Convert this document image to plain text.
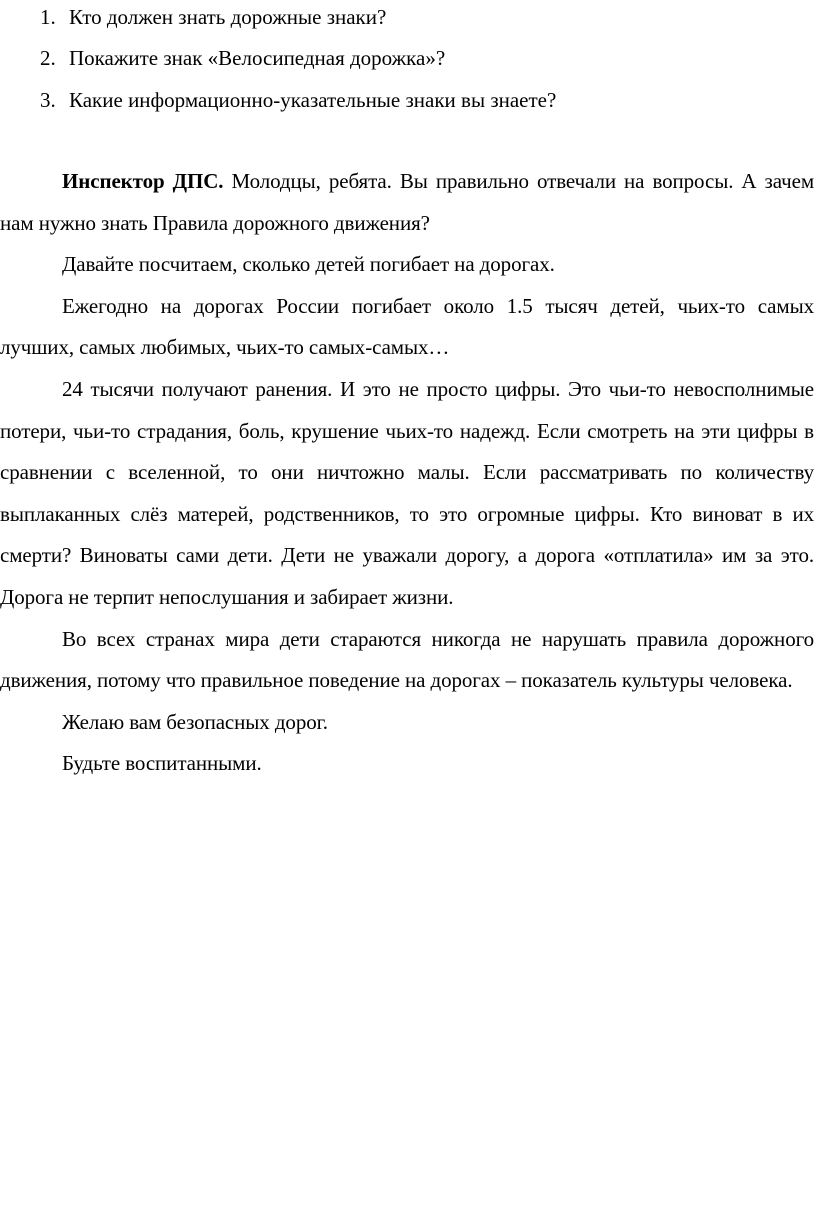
1. Кто должен знать дорожные знаки?
2. Покажите знак «Велосипедная дорожка»?
3. Какие информационно-указательные знаки вы знаете?

Инспектор ДПС. Молодцы, ребята. Вы правильно отвечали на вопросы. А зачем нам нужно знать Правила дорожного движения?

Давайте посчитаем, сколько детей погибает на дорогах.

Ежегодно на дорогах России погибает около 1.5 тысяч детей, чьих-то самых лучших, самых любимых, чьих-то самых-самых…

24 тысячи получают ранения. И это не просто цифры. Это чьи-то невосполнимые потери, чьи-то страдания, боль, крушение чьих-то надежд. Если смотреть на эти цифры в сравнении с вселенной, то они ничтожно малы. Если рассматривать по количеству выплаканных слёз матерей, родственников, то это огромные цифры. Кто виноват в их смерти? Виноваты сами дети. Дети не уважали дорогу, а дорога «отплатила» им за это. Дорога не терпит непослушания и забирает жизни.

Во всех странах мира дети стараются никогда не нарушать правила дорожного движения, потому что правильное поведение на дорогах – показатель культуры человека.

Желаю вам безопасных дорог.

Будьте воспитанными.
